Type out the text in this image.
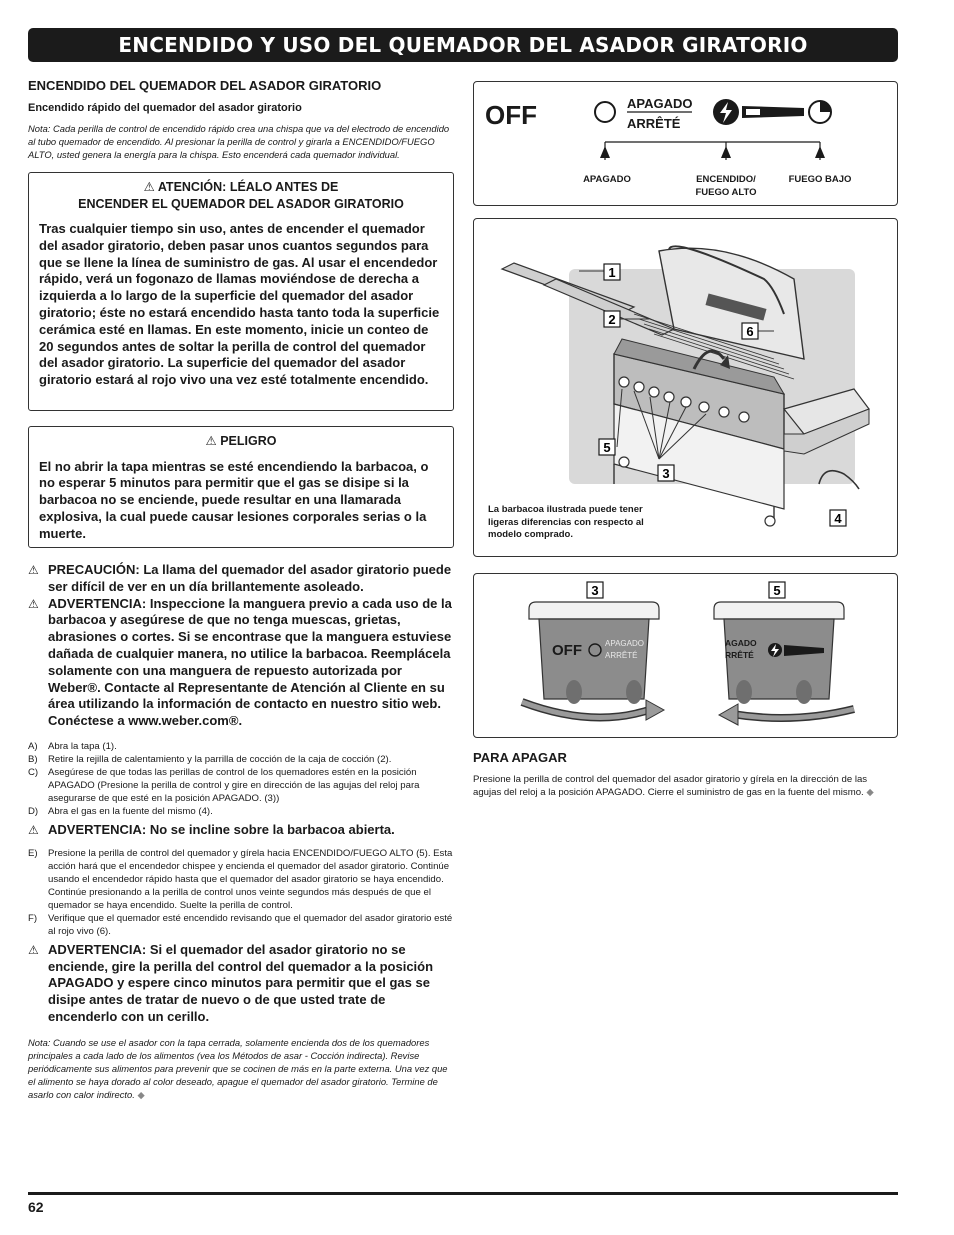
ENCENDIDO Y USO DEL QUEMADOR DEL ASADOR GIRATORIO
ENCENDIDO DEL QUEMADOR DEL ASADOR GIRATORIO
Encendido rápido del quemador del asador giratorio

Nota: Cada perilla de control de encendido rápido crea una chispa que va del electrodo de encendido al tubo quemador de encendido. Al presionar la perilla de control y girarla a ENCENDIDO/FUEGO ALTO, usted genera la energía para la chispa. Esto encenderá cada quemador individual.

⚠ ATENCIÓN: LÉALO ANTES DE
ENCENDER EL QUEMADOR DEL ASADOR GIRATORIO
Tras cualquier tiempo sin uso, antes de encender el quemador del asador giratorio, deben pasar unos cuantos segundos para que se llene la línea de suministro de gas. Al usar el encendedor rápido, verá un fogonazo de llamas moviéndose de derecha a izquierda a lo largo de la superficie del quemador del asador giratorio; éste no estará encendido hasta tanto toda la superficie cerámica esté en llamas. En este momento, inicie un conteo de 20 segundos antes de soltar la perilla de control del quemador del asador giratorio. La superficie del quemador del asador giratorio estará al rojo vivo una vez esté totalmente encendido.
⚠ PELIGRO
El no abrir la tapa mientras se esté encendiendo la barbacoa, o no esperar 5 minutos para permitir que el gas se disipe si la barbacoa no se enciende, puede resultar en una llamarada explosiva, la cual puede causar lesiones corporales serias o la muerte.
⚠ PRECAUCIÓN: La llama del quemador del asador giratorio puede ser difícil de ver en un día brillantemente asoleado.
⚠ ADVERTENCIA: Inspeccione la manguera previo a cada uso de la barbacoa y asegúrese de que no tenga muescas, grietas, abrasiones o cortes. Si se encontrase que la manguera estuviese dañada de cualquier manera, no utilice la barbacoa. Reemplácela solamente con una manguera de repuesto autorizada por Weber®. Contacte al Representante de Atención al Cliente en su área utilizando la información de contacto en nuestro sitio web. Conéctese a www.weber.com®.
A)	Abra la tapa (1).
B)	Retire la rejilla de calentamiento y la parrilla de cocción de la caja de cocción (2).
C)	Asegúrese de que todas las perillas de control de los quemadores estén en la posición APAGADO (Presione la perilla de control y gire en dirección de las agujas del reloj para asegurarse de que esté en la posición APAGADO. (3))
D)	Abra el gas en la fuente del mismo (4).
⚠ ADVERTENCIA: No se incline sobre la barbacoa abierta.
E)	Presione la perilla de control del quemador y gírela hacia ENCENDIDO/FUEGO ALTO (5). Esta acción hará que el encendedor chispee y encienda el quemador del asador giratorio. Continúe usando el encendedor rápido hasta que el quemador del asador giratorio se haya encendido. Continúe presionando a la perilla de control unos veinte segundos más después de que el quemador se haya encendido. Suelte la perilla de control.
F)	Verifique que el quemador esté encendido revisando que el quemador del asador giratorio esté al rojo vivo (6).
⚠ ADVERTENCIA: Si el quemador del asador giratorio no se enciende, gire la perilla del control del quemador a la posición APAGADO y espere cinco minutos para permitir que el gas se disipe antes de tratar de nuevo o de que usted trate de encenderlo con un cerillo.

Nota: Cuando se use el asador con la tapa cerrada, solamente encienda dos de los quemadores principales a cada lado de los alimentos (vea los Métodos de asar - Cocción indirecta). Revise periódicamente sus alimentos para prevenir que se cocinen de más en la parte externa. Una vez que el alimento se haya dorado al color deseado, apague el quemador del asador giratorio. Termine de asarlo con calor indirecto. ◆

OFF	APAGADO
ARRÊTÉ
APAGADO	ENCENDIDO/
FUEGO ALTO
FUEGO BAJO
1
2
6
5
3
4
La barbacoa ilustrada puede tener ligeras diferencias con respecto al modelo comprado.
3
OFF	APAGADO
ARRÊTÉ
5
AGADO
RRÊTÉ
PARA APAGAR

Presione la perilla de control del quemador del asador giratorio y gírela en la dirección de las agujas del reloj a la posición APAGADO. Cierre el suministro de gas en la fuente del mismo. ◆

62
